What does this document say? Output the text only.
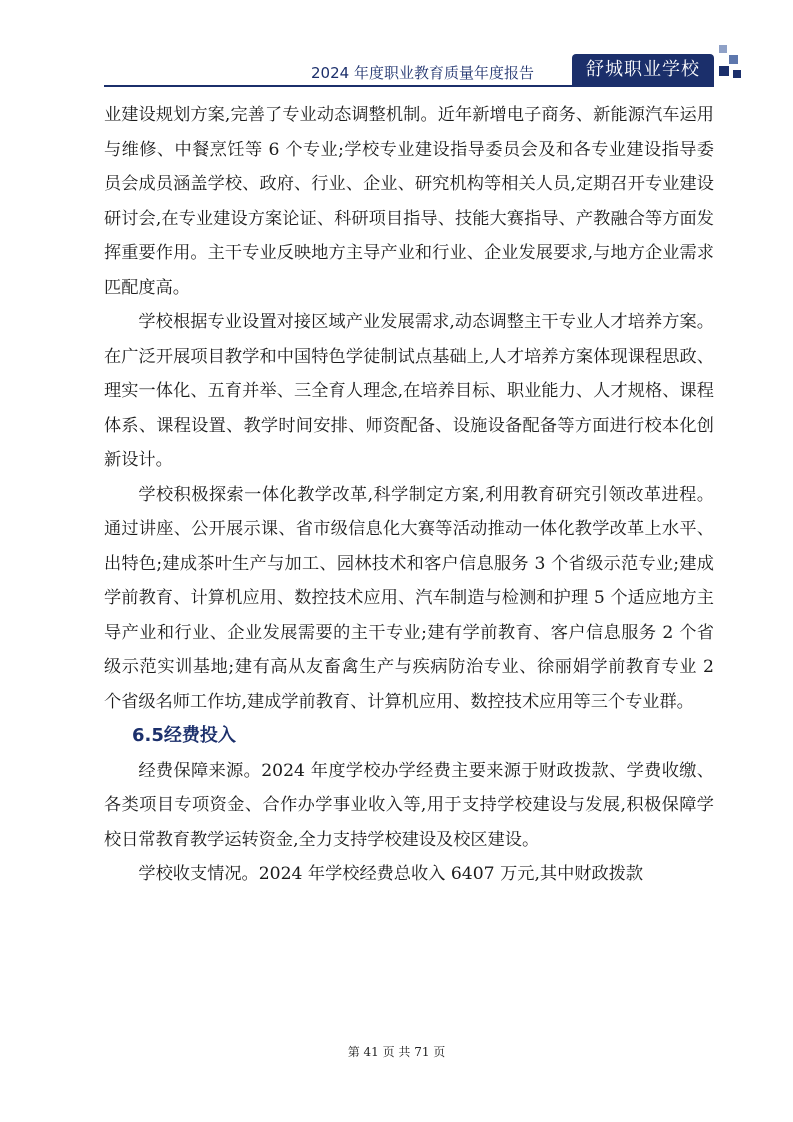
2024 年度职业教育质量年度报告	舒城职业学校

业建设规划方案,完善了专业动态调整机制。近年新增电子商务、新能源汽车运用与维修、中餐烹饪等 6 个专业;学校专业建设指导委员会及和各专业建设指导委员会成员涵盖学校、政府、行业、企业、研究机构等相关人员,定期召开专业建设研讨会,在专业建设方案论证、科研项目指导、技能大赛指导、产教融合等方面发挥重要作用。主干专业反映地方主导产业和行业、企业发展要求,与地方企业需求匹配度高。

学校根据专业设置对接区域产业发展需求,动态调整主干专业人才培养方案。在广泛开展项目教学和中国特色学徒制试点基础上,人才培养方案体现课程思政、理实一体化、五育并举、三全育人理念,在培养目标、职业能力、人才规格、课程体系、课程设置、教学时间安排、师资配备、设施设备配备等方面进行校本化创新设计。

学校积极探索一体化教学改革,科学制定方案,利用教育研究引领改革进程。通过讲座、公开展示课、省市级信息化大赛等活动推动一体化教学改革上水平、出特色;建成茶叶生产与加工、园林技术和客户信息服务 3 个省级示范专业;建成学前教育、计算机应用、数控技术应用、汽车制造与检测和护理 5 个适应地方主导产业和行业、企业发展需要的主干专业;建有学前教育、客户信息服务 2 个省级示范实训基地;建有高从友畜禽生产与疾病防治专业、徐丽娟学前教育专业 2 个省级名师工作坊,建成学前教育、计算机应用、数控技术应用等三个专业群。

6.5经费投入

经费保障来源。2024 年度学校办学经费主要来源于财政拨款、学费收缴、各类项目专项资金、合作办学事业收入等,用于支持学校建设与发展,积极保障学校日常教育教学运转资金,全力支持学校建设及校区建设。

学校收支情况。2024 年学校经费总收入 6407 万元,其中财政拨款

第 41 页 共 71 页
